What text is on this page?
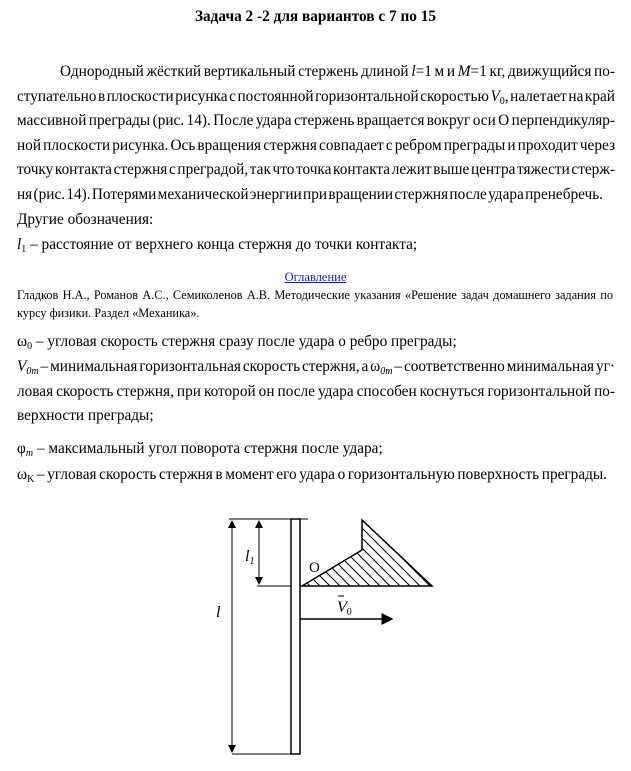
Задача 2 -2 для вариантов с 7 по 15
Однородный жёсткий вертикальный стержень длиной l=1 м и M=1 кг, движущийся по-
ступательно в плоскости рисунка с постоянной горизонтальной скоростью $V_0$, налетает на край
массивной преграды (рис. 14). После удара стержень вращается вокруг оси О перпендикуляр-
ной плоскости рисунка. Ось вращения стержня совпадает с ребром преграды и проходит через
точку контакта стержня с преградой, так что точка контакта лежит выше центра тяжести стерж-
ня (рис. 14). Потерями механической энергии при вращении стержня после удара пренебречь.
Другие обозначения:
$l_1$ – расстояние от верхнего конца стержня до точки контакта;
Оглавление
Гладков Н.А., Романов А.С., Семиколенов А.В. Методические указания «Решение задач домашнего задания по
курсу физики. Раздел «Механика».
$\omega_0$ – угловая скорость стержня сразу после удара о ребро преграды;
$V_{0m}$ – минимальная горизонтальная скорость стержня, а $\omega_{0m}$ – соответственно минимальная уг·
ловая скорость стержня, при которой он после удара способен коснуться горизонтальной по-
верхности преграды;
$\varphi_m$ – максимальный угол поворота стержня после удара;
$\omega_K$ – угловая скорость стержня в момент его удара о горизонтальную поверхность преграды.
l
l1	O
V0
